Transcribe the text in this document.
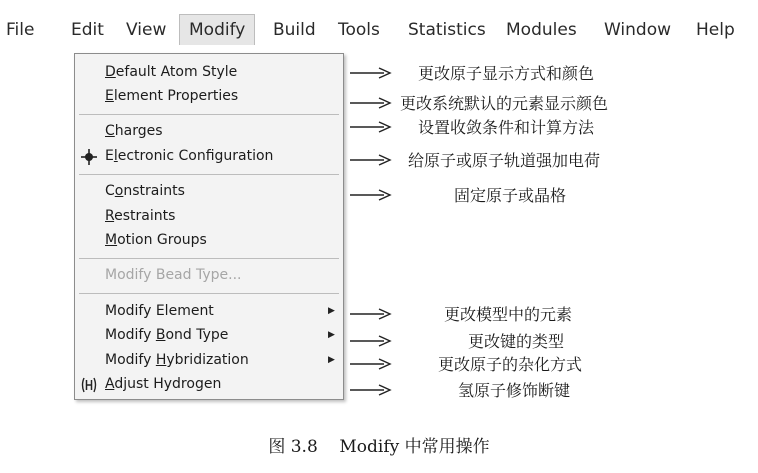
File Edit View	Modify	Build Tools Statistics Modules Window Help
Default Atom Style
Element Properties
Charges
Electronic Configuration
Constraints
Restraints
Motion Groups
Modify Bead Type...
Modify Element	▶
Modify Bond Type	▶
Modify Hybridization	▶
Adjust Hydrogen
更改原子显示方式和颜色
更改系统默认的元素显示颜色
设置收敛条件和计算方法
给原子或原子轨道强加电荷
固定原子或晶格
更改模型中的元素
更改键的类型
更改原子的杂化方式
氢原子修饰断键
图 3.8    Modify 中常用操作
